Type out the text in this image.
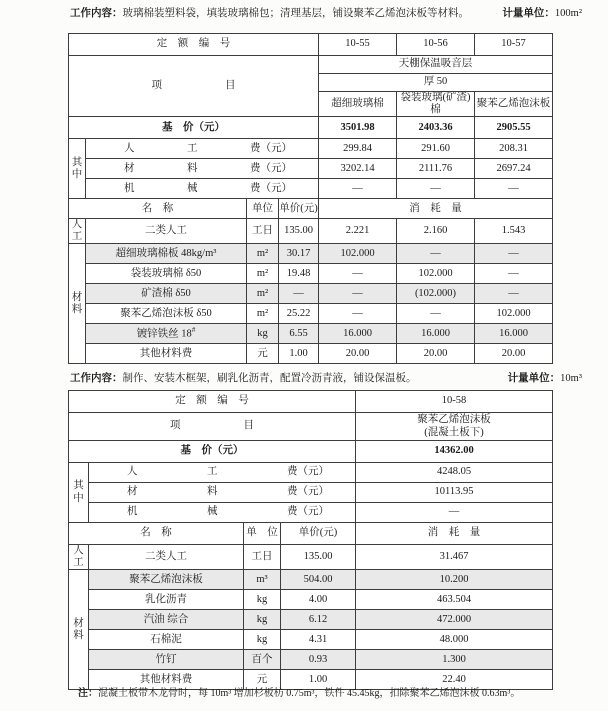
工作内容：玻璃棉装塑料袋，填装玻璃棉包；清理基层，铺设聚苯乙烯泡沫板等材料。	计量单位：100m²
定　额　编　号				10-55	10-56	10-57
项　　　　　　目				天棚保温吸音层		
				厚 50		
				超细玻璃棉	袋装玻璃(矿渣)棉	聚苯乙烯泡沫板
基　价（元）				3501.98	2403.36	2905.55

其
中	人 工 费（元）			299.84	291.60	208.31

	材 料 费（元）			3202.14	2111.76	2697.24

	机 械 费（元）			—	—	—
名　称		单位	单价(元)	消　耗　量		

人
工	二类人工	工日	135.00	2.221	2.160	1.543

材
料	超细玻璃棉板 48kg/m³	m²	30.17	102.000	—	—
	袋装玻璃棉 δ50	m²	19.48	—	102.000	—
	矿渣棉 δ50	m²	—	—	(102.000)	—
	聚苯乙烯泡沫板 δ50	m²	25.22	—	—	102.000
	镀锌铁丝 18#	kg	6.55	16.000	16.000	16.000
	其他材料费	元	1.00	20.00	20.00	20.00
工作内容：制作、安装木框架，刷乳化沥青，配置冷沥青液，铺设保温板。	计量单位：10m³
定　额　编　号				10-58
项　　　　　　目				聚苯乙烯泡沫板
(混凝土板下)

基　价（元）				14362.00

其
中	人 工 费（元）			4248.05

	材 料 费（元）			10113.95

	机 械 费（元）			—
名　称		单　位	单价(元)	消　耗　量

人
工	二类人工	工日	135.00	31.467

材
料	聚苯乙烯泡沫板	m³	504.00	10.200
	乳化沥青	kg	4.00	463.504
	汽油 综合	kg	6.12	472.000
	石棉泥	kg	4.31	48.000
	竹钉	百个	0.93	1.300
	其他材料费	元	1.00	22.40
注：混凝土板带木龙骨时，每 10m³ 增加杉板枋 0.75m³，铁件 45.45kg，扣除聚苯乙烯泡沫板 0.63m³。
